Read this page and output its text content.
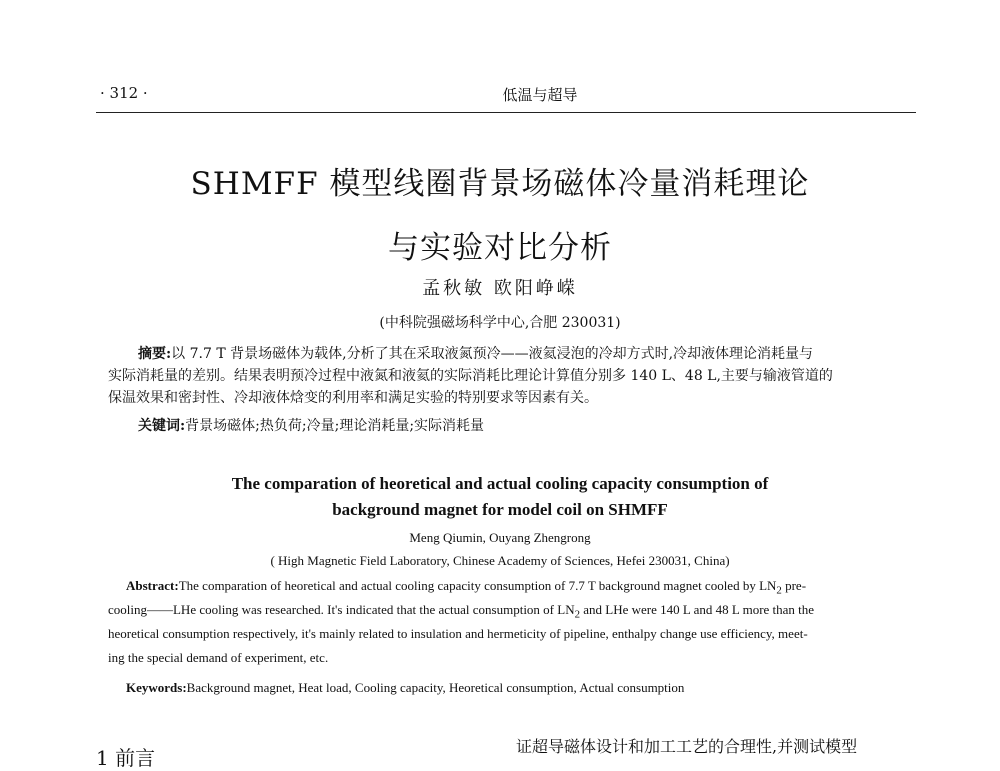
· 312 ·	低温与超导
SHMFF 模型线圈背景场磁体冷量消耗理论
与实验对比分析
孟秋敏 欧阳峥嵘
(中科院强磁场科学中心,合肥 230031)
摘要:以 7.7 T 背景场磁体为载体,分析了其在采取液氮预冷——液氦浸泡的冷却方式时,冷却液体理论消耗量与
实际消耗量的差别。结果表明预冷过程中液氮和液氦的实际消耗比理论计算值分别多 140 L、48 L,主要与输液管道的
保温效果和密封性、冷却液体焓变的利用率和满足实验的特别要求等因素有关。
关键词:背景场磁体;热负荷;冷量;理论消耗量;实际消耗量
The comparation of heoretical and actual cooling capacity consumption of
background magnet for model coil on SHMFF
Meng Qiumin, Ouyang Zhengrong
( High Magnetic Field Laboratory, Chinese Academy of Sciences, Hefei 230031, China)
Abstract:The comparation of heoretical and actual cooling capacity consumption of 7.7 T background magnet cooled by $LN_2$ pre-
cooling——LHe cooling was researched. It's indicated that the actual consumption of $LN_2$ and LHe were 140 L and 48 L more than the
heoretical consumption respectively, it's mainly related to insulation and hermeticity of pipeline, enthalpy change use efficiency, meet-
ing the special demand of experiment, etc.
Keywords:Background magnet, Heat load, Cooling capacity, Heoretical consumption, Actual consumption
1 前言	证超导磁体设计和加工工艺的合理性,并测试模型
